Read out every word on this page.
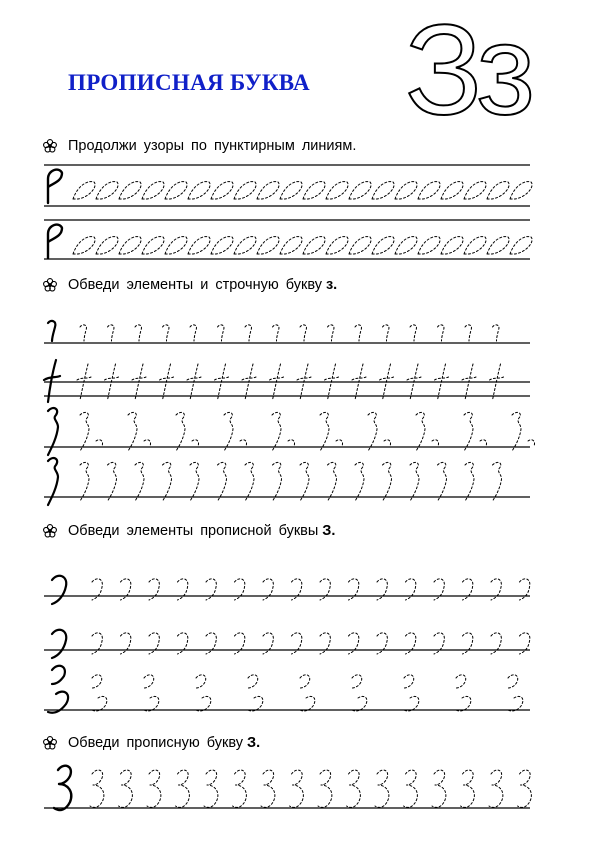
ПРОПИСНАЯ БУКВА Зз
Продолжи узоры по пунктирным линиям.
Обведи элементы и строчную букву з.
Обведи элементы прописной буквы З.
Обведи прописную букву З.
